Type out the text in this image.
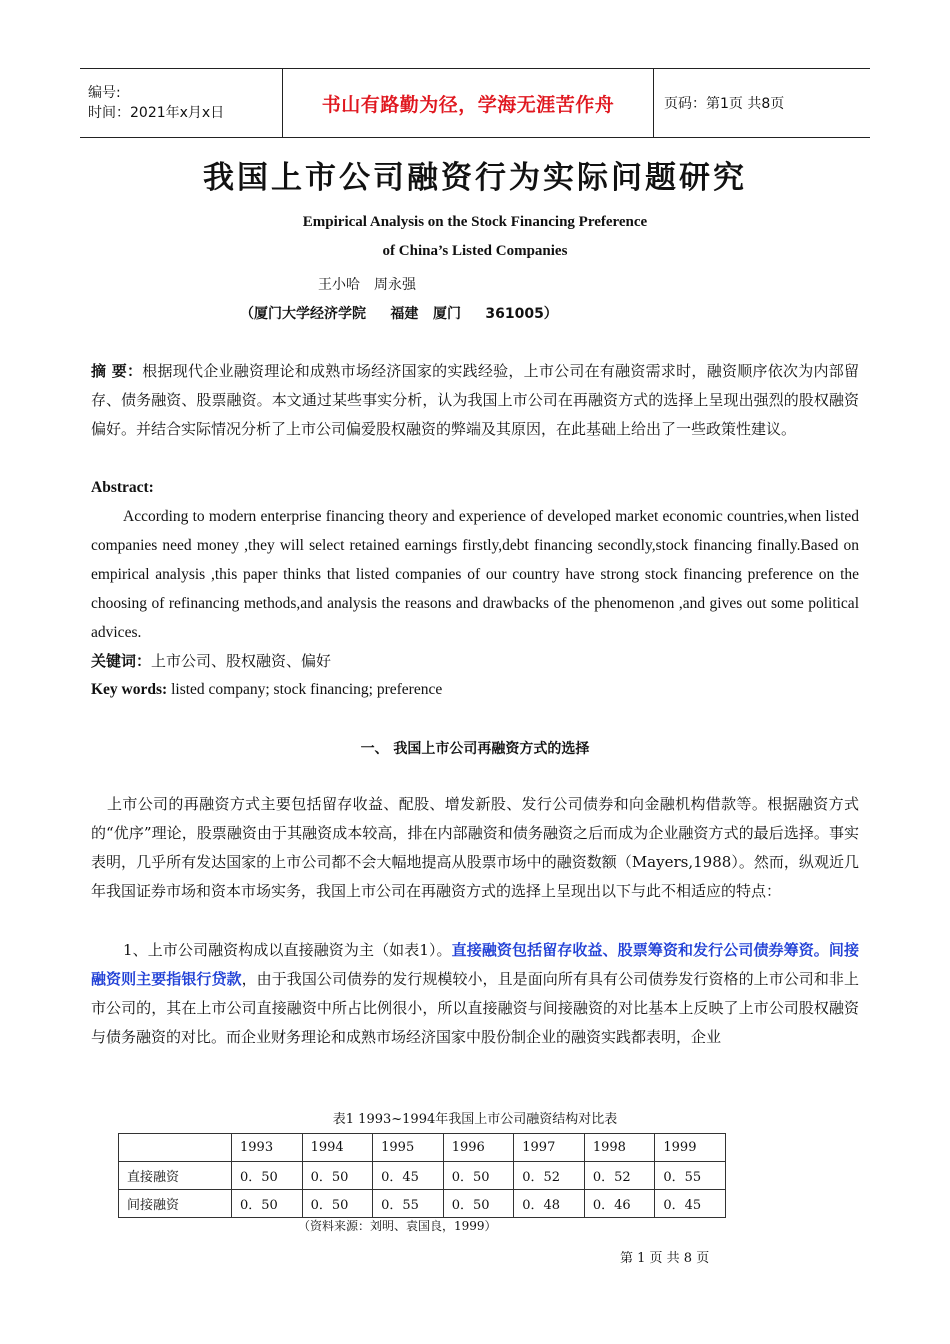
编号:
时间：2021年x月x日	书山有路勤为径，学海无涯苦作舟	页码：第1页 共8页
我国上市公司融资行为实际问题研究
Empirical Analysis on the Stock Financing Preference
of China’s Listed Companies
王小哈 周永强
（厦门大学经济学院     福建   厦门     361005）
摘 要：根据现代企业融资理论和成熟市场经济国家的实践经验，上市公司在有融资需求时，融资顺序依次为内部留存、债务融资、股票融资。本文通过某些事实分析，认为我国上市公司在再融资方式的选择上呈现出强烈的股权融资偏好。并结合实际情况分析了上市公司偏爱股权融资的弊端及其原因，在此基础上给出了一些政策性建议。
Abstract:
According to modern enterprise financing theory and experience of developed market economic countries,when listed companies need money ,they will select retained earnings firstly,debt financing secondly,stock financing finally.Based on empirical analysis ,this paper thinks that listed companies of our country have strong stock financing preference on the choosing of refinancing methods,and analysis the reasons and drawbacks of the phenomenon ,and gives out some political advices.
关键词：上市公司、股权融资、偏好
Key words: listed company; stock financing; preference
一、 我国上市公司再融资方式的选择
上市公司的再融资方式主要包括留存收益、配股、增发新股、发行公司债券和向金融机构借款等。根据融资方式的“优序”理论，股票融资由于其融资成本较高，排在内部融资和债务融资之后而成为企业融资方式的最后选择。事实表明，几乎所有发达国家的上市公司都不会大幅地提高从股票市场中的融资数额（Mayers,1988）。然而，纵观近几年我国证券市场和资本市场实务，我国上市公司在再融资方式的选择上呈现出以下与此不相适应的特点：
1、上市公司融资构成以直接融资为主（如表1）。直接融资包括留存收益、股票筹资和发行公司债券筹资。间接融资则主要指银行贷款，由于我国公司债券的发行规模较小，且是面向所有具有公司债券发行资格的上市公司和非上市公司的，其在上市公司直接融资中所占比例很小，所以直接融资与间接融资的对比基本上反映了上市公司股权融资与债务融资的对比。而企业财务理论和成熟市场经济国家中股份制企业的融资实践都表明，企业
表1 1993~1994年我国上市公司融资结构对比表
	1993	1994	1995	1996	1997	1998	1999
直接融资	0．50	0．50	0．45	0．50	0．52	0．52	0．55
间接融资	0．50	0．50	0．55	0．50	0．48	0．46	0．45
（资料来源：刘明、袁国良，1999）
第 1 页 共 8 页
